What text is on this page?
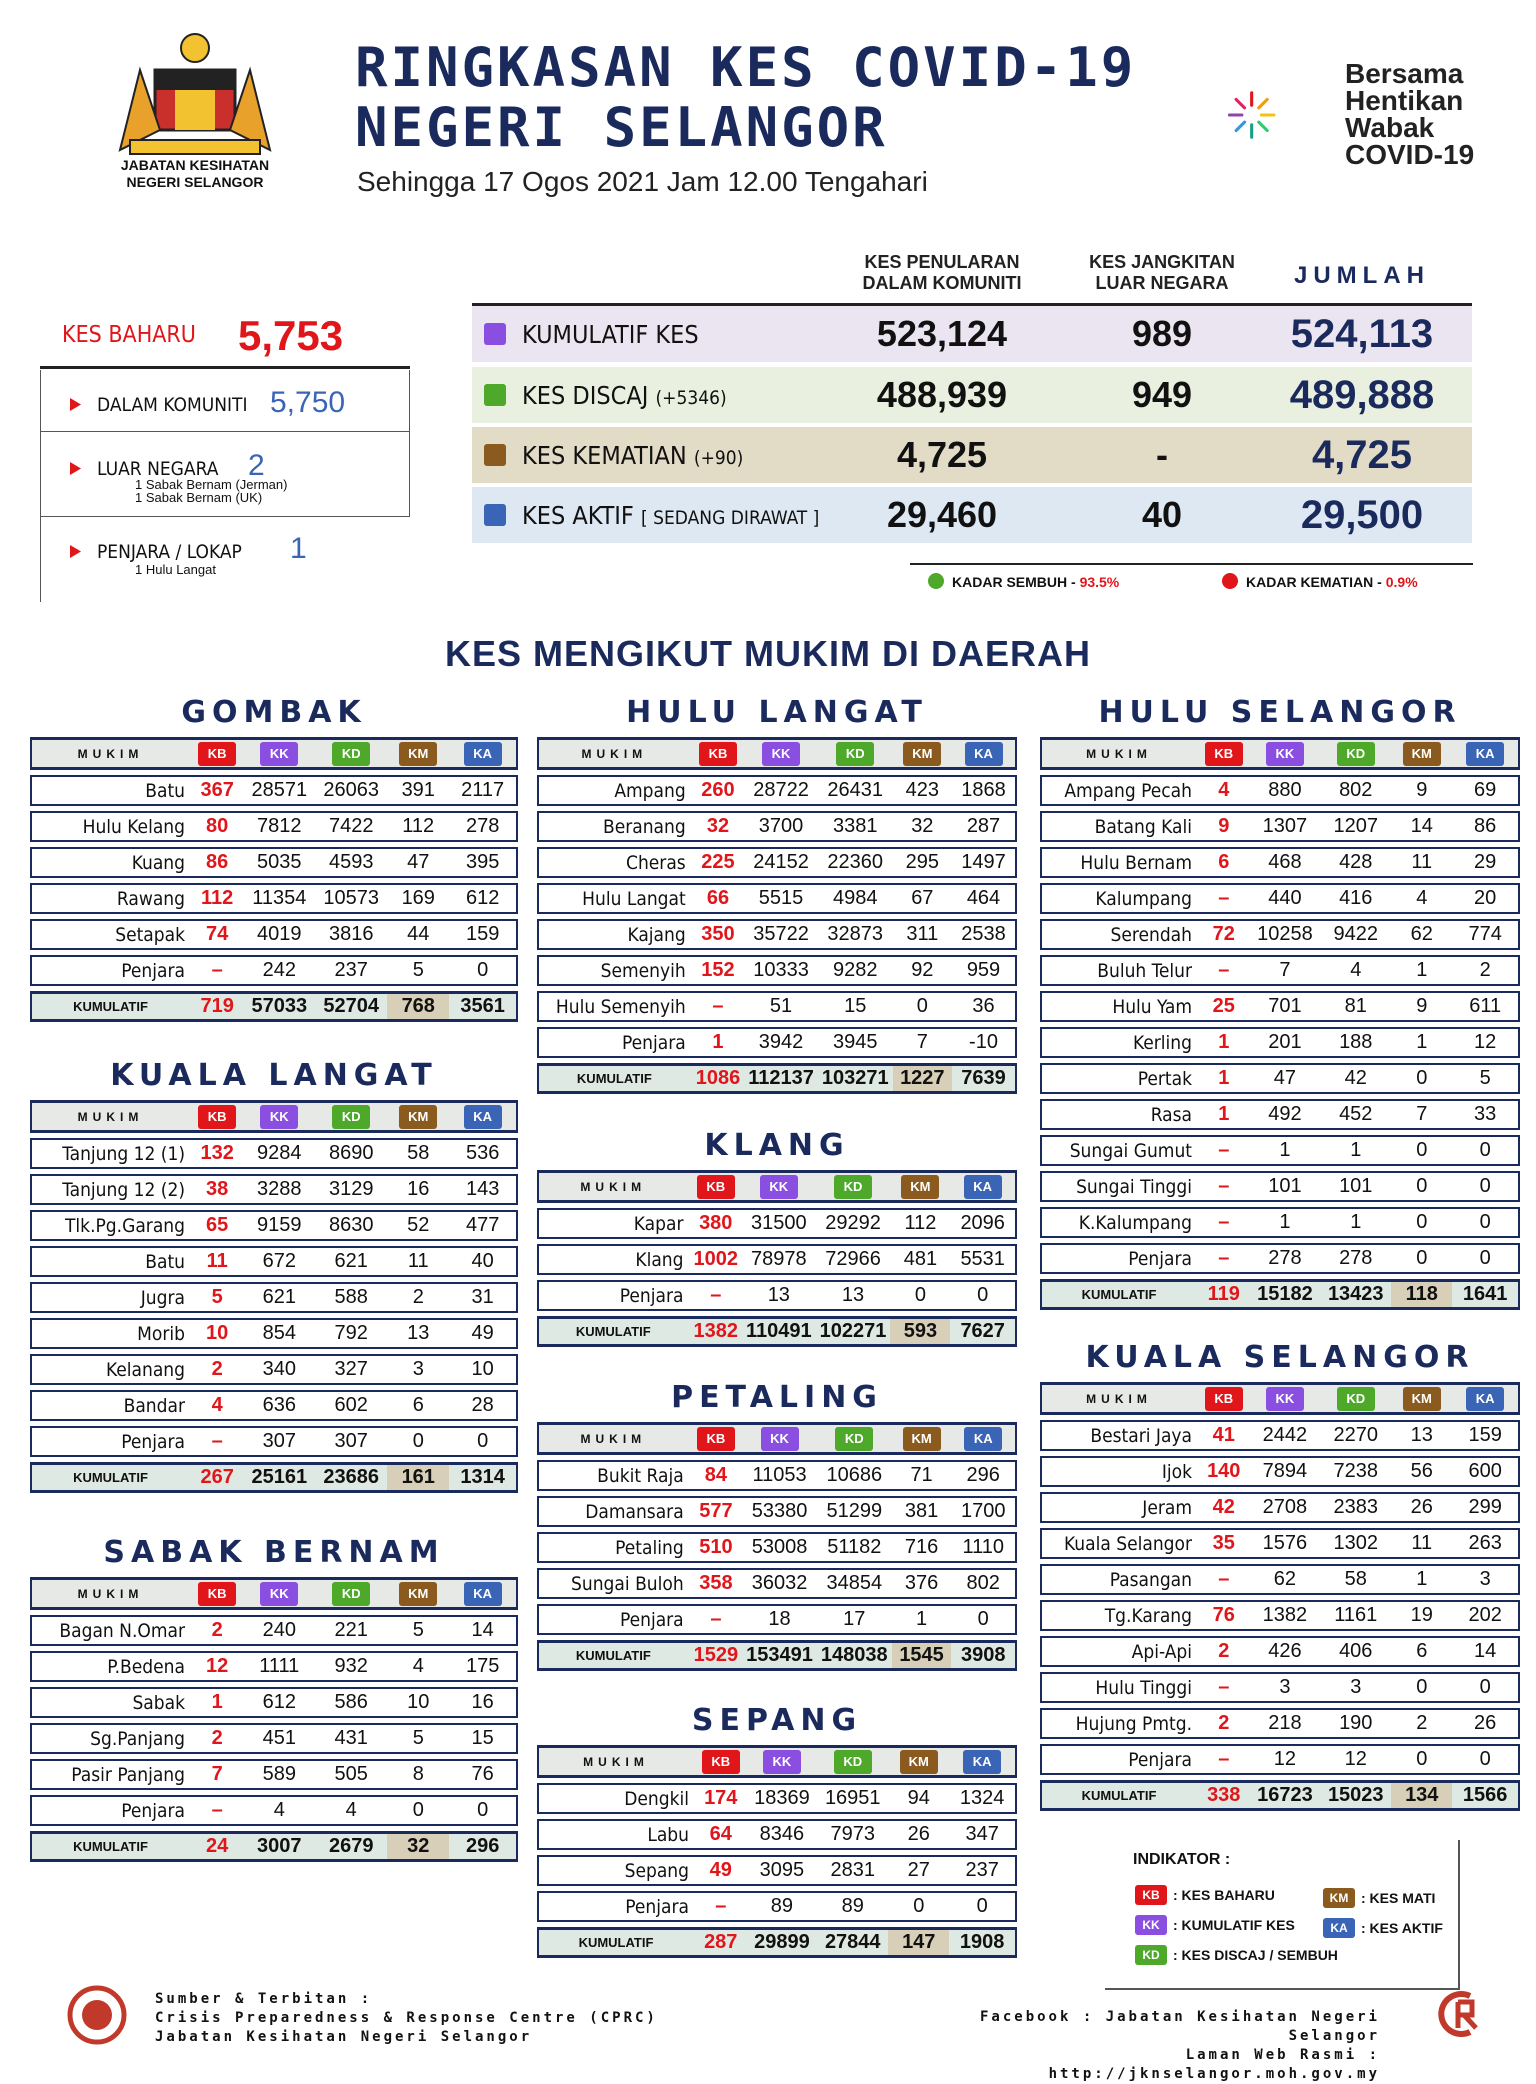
JABATAN KESIHATAN
NEGERI SELANGOR
RINGKASAN KES COVID-19
NEGERI SELANGOR
Sehingga 17 Ogos 2021 Jam 12.00 Tengahari
Bersama
Hentikan
Wabak
COVID-19
KES BAHARU 5,753
DALAM KOMUNITI 5,750
LUAR NEGARA 2
1 Sabak Bernam (Jerman)
1 Sabak Bernam (UK)
PENJARA / LOKAP 1
1 Hulu Langat
KES PENULARAN
DALAM KOMUNITI
KES JANGKITAN
LUAR NEGARA	JUMLAH
KUMULATIF KES	523,124	989	524,113
KES DISCAJ (+5346)	488,939	949	489,888
KES KEMATIAN (+90)	4,725	-	4,725
KES AKTIF [ SEDANG DIRAWAT ]	29,460	40	29,500
KADAR SEMBUH - 93.5%	KADAR KEMATIAN - 0.9%
KES MENGIKUT MUKIM DI DAERAH
GOMBAK
MUKIM	KB	KK	KD	KM	KA
Batu	367	28571	26063	391	2117
Hulu Kelang	80	7812	7422	112	278
Kuang	86	5035	4593	47	395
Rawang	112	11354	10573	169	612
Setapak	74	4019	3816	44	159
Penjara	–	242	237	5	0
KUMULATIF	719	57033	52704	768	3561
KUALA LANGAT
MUKIM	KB	KK	KD	KM	KA
Tanjung 12 (1)	132	9284	8690	58	536
Tanjung 12 (2)	38	3288	3129	16	143
Tlk.Pg.Garang	65	9159	8630	52	477
Batu	11	672	621	11	40
Jugra	5	621	588	2	31
Morib	10	854	792	13	49
Kelanang	2	340	327	3	10
Bandar	4	636	602	6	28
Penjara	–	307	307	0	0
KUMULATIF	267	25161	23686	161	1314
SABAK BERNAM
MUKIM	KB	KK	KD	KM	KA
Bagan N.Omar	2	240	221	5	14
P.Bedena	12	1111	932	4	175
Sabak	1	612	586	10	16
Sg.Panjang	2	451	431	5	15
Pasir Panjang	7	589	505	8	76
Penjara	–	4	4	0	0
KUMULATIF	24	3007	2679	32	296
HULU LANGAT
MUKIM	KB	KK	KD	KM	KA
Ampang	260	28722	26431	423	1868
Beranang	32	3700	3381	32	287
Cheras	225	24152	22360	295	1497
Hulu Langat	66	5515	4984	67	464
Kajang	350	35722	32873	311	2538
Semenyih	152	10333	9282	92	959
Hulu Semenyih	–	51	15	0	36
Penjara	1	3942	3945	7	-10
KUMULATIF	1086	112137	103271	1227	7639
KLANG
MUKIM	KB	KK	KD	KM	KA
Kapar	380	31500	29292	112	2096
Klang	1002	78978	72966	481	5531
Penjara	–	13	13	0	0
KUMULATIF	1382	110491	102271	593	7627
PETALING
MUKIM	KB	KK	KD	KM	KA
Bukit Raja	84	11053	10686	71	296
Damansara	577	53380	51299	381	1700
Petaling	510	53008	51182	716	1110
Sungai Buloh	358	36032	34854	376	802
Penjara	–	18	17	1	0
KUMULATIF	1529	153491	148038	1545	3908
SEPANG
MUKIM	KB	KK	KD	KM	KA
Dengkil	174	18369	16951	94	1324
Labu	64	8346	7973	26	347
Sepang	49	3095	2831	27	237
Penjara	–	89	89	0	0
KUMULATIF	287	29899	27844	147	1908
HULU SELANGOR
MUKIM	KB	KK	KD	KM	KA
Ampang Pecah	4	880	802	9	69
Batang Kali	9	1307	1207	14	86
Hulu Bernam	6	468	428	11	29
Kalumpang	–	440	416	4	20
Serendah	72	10258	9422	62	774
Buluh Telur	–	7	4	1	2
Hulu Yam	25	701	81	9	611
Kerling	1	201	188	1	12
Pertak	1	47	42	0	5
Rasa	1	492	452	7	33
Sungai Gumut	–	1	1	0	0
Sungai Tinggi	–	101	101	0	0
K.Kalumpang	–	1	1	0	0
Penjara	–	278	278	0	0
KUMULATIF	119	15182	13423	118	1641
KUALA SELANGOR
MUKIM	KB	KK	KD	KM	KA
Bestari Jaya	41	2442	2270	13	159
Ijok	140	7894	7238	56	600
Jeram	42	2708	2383	26	299
Kuala Selangor	35	1576	1302	11	263
Pasangan	–	62	58	1	3
Tg.Karang	76	1382	1161	19	202
Api-Api	2	426	406	6	14
Hulu Tinggi	–	3	3	0	0
Hujung Pmtg.	2	218	190	2	26
Penjara	–	12	12	0	0
KUMULATIF	338	16723	15023	134	1566
INDIKATOR :
KB : KES BAHARU
KK : KUMULATIF KES
KD : KES DISCAJ / SEMBUH
KM : KES MATI
KA : KES AKTIF
Sumber & Terbitan :
Crisis Preparedness & Response Centre (CPRC)
Jabatan Kesihatan Negeri Selangor
Facebook : Jabatan Kesihatan Negeri Selangor
Laman Web Rasmi : http://jknselangor.moh.gov.my
